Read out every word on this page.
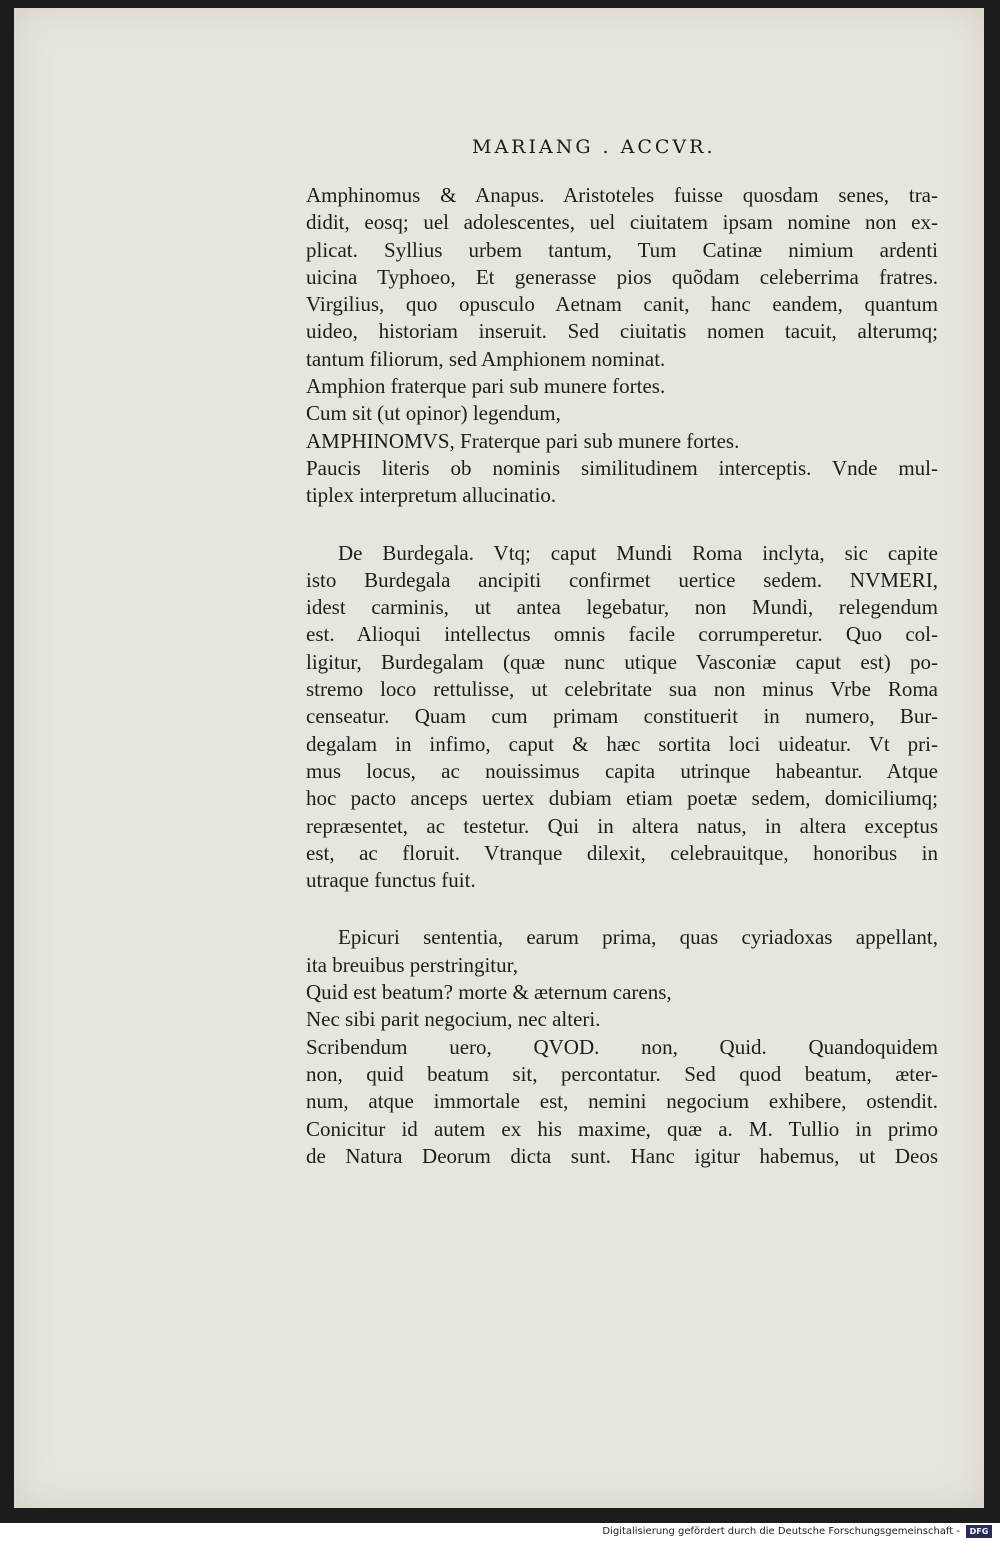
MARIANG . ACCVR.
Amphinomus & Anapus. Aristoteles fuisse quosdam senes, tra-
didit, eosq; uel adolescentes, uel ciuitatem ipsam nomine non ex-
plicat. Syllius urbem tantum, Tum Catinæ nimium ardenti
uicina Typhoeo, Et generasse pios quõdam celeberrima fratres.
Virgilius, quo opusculo Aetnam canit, hanc eandem, quantum
uideo, historiam inseruit. Sed ciuitatis nomen tacuit, alterumq;
tantum filiorum, sed Amphionem nominat.
Amphion fraterque pari sub munere fortes.
Cum sit (ut opinor) legendum,
AMPHINOMVS, Fraterque pari sub munere fortes.
Paucis literis ob nominis similitudinem interceptis. Vnde mul-
tiplex interpretum allucinatio.
De Burdegala. Vtq; caput Mundi Roma inclyta, sic capite
isto Burdegala ancipiti confirmet uertice sedem. NVMERI,
idest carminis, ut antea legebatur, non Mundi, relegendum
est. Alioqui intellectus omnis facile corrumperetur. Quo col-
ligitur, Burdegalam (quæ nunc utique Vasconiæ caput est) po-
stremo loco rettulisse, ut celebritate sua non minus Vrbe Roma
censeatur. Quam cum primam constituerit in numero, Bur-
degalam in infimo, caput & hæc sortita loci uideatur. Vt pri-
mus locus, ac nouissimus capita utrinque habeantur. Atque
hoc pacto anceps uertex dubiam etiam poetæ sedem, domiciliumq;
repræsentet, ac testetur. Qui in altera natus, in altera exceptus
est, ac floruit. Vtranque dilexit, celebrauitque, honoribus in
utraque functus fuit.
Epicuri sententia, earum prima, quas cyriadoxas appellant,
ita breuibus perstringitur,
Quid est beatum? morte & æternum carens,
Nec sibi parit negocium, nec alteri.
Scribendum uero, QVOD. non, Quid. Quandoquidem
non, quid beatum sit, percontatur. Sed quod beatum, æter-
num, atque immortale est, nemini negocium exhibere, ostendit.
Conicitur id autem ex his maxime, quæ a. M. Tullio in primo
de Natura Deorum dicta sunt. Hanc igitur habemus, ut Deos
Digitalisierung gefördert durch die Deutsche Forschungsgemeinschaft -	DFG
